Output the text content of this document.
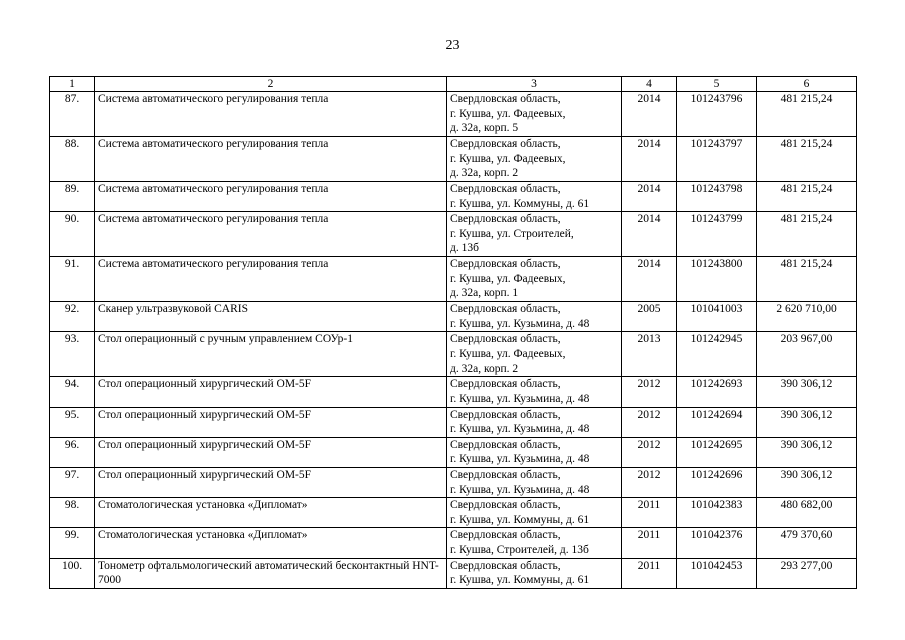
23
1	2	3	4	5	6
87.	Система автоматического регулирования тепла	Свердловская область,
г. Кушва, ул. Фадеевых,
д. 32а, корп. 5	2014	101243796	481 215,24
88.	Система автоматического регулирования тепла	Свердловская область,
г. Кушва, ул. Фадеевых,
д. 32а, корп. 2	2014	101243797	481 215,24
89.	Система автоматического регулирования тепла	Свердловская область,
г. Кушва, ул. Коммуны, д. 61	2014	101243798	481 215,24
90.	Система автоматического регулирования тепла	Свердловская область,
г. Кушва, ул. Строителей,
д. 13б	2014	101243799	481 215,24
91.	Система автоматического регулирования тепла	Свердловская область,
г. Кушва, ул. Фадеевых,
д. 32а, корп. 1	2014	101243800	481 215,24
92.	Сканер ультразвуковой CARIS	Свердловская область,
г. Кушва, ул. Кузьмина, д. 48	2005	101041003	2 620 710,00
93.	Стол операционный с ручным управлением СОУр-1	Свердловская область,
г. Кушва, ул. Фадеевых,
д. 32а, корп. 2	2013	101242945	203 967,00
94.	Стол операционный хирургический ОМ-5F	Свердловская область,
г. Кушва, ул. Кузьмина, д. 48	2012	101242693	390 306,12
95.	Стол операционный хирургический ОМ-5F	Свердловская область,
г. Кушва, ул. Кузьмина, д. 48	2012	101242694	390 306,12
96.	Стол операционный хирургический ОМ-5F	Свердловская область,
г. Кушва, ул. Кузьмина, д. 48	2012	101242695	390 306,12
97.	Стол операционный хирургический ОМ-5F	Свердловская область,
г. Кушва, ул. Кузьмина, д. 48	2012	101242696	390 306,12
98.	Стоматологическая установка «Дипломат»	Свердловская область,
г. Кушва, ул. Коммуны, д. 61	2011	101042383	480 682,00
99.	Стоматологическая установка «Дипломат»	Свердловская область,
г. Кушва, Строителей, д. 13б	2011	101042376	479 370,60
100.	Тонометр офтальмологический автоматический бесконтактный HNT-7000	Свердловская область,
г. Кушва, ул. Коммуны, д. 61	2011	101042453	293 277,00
